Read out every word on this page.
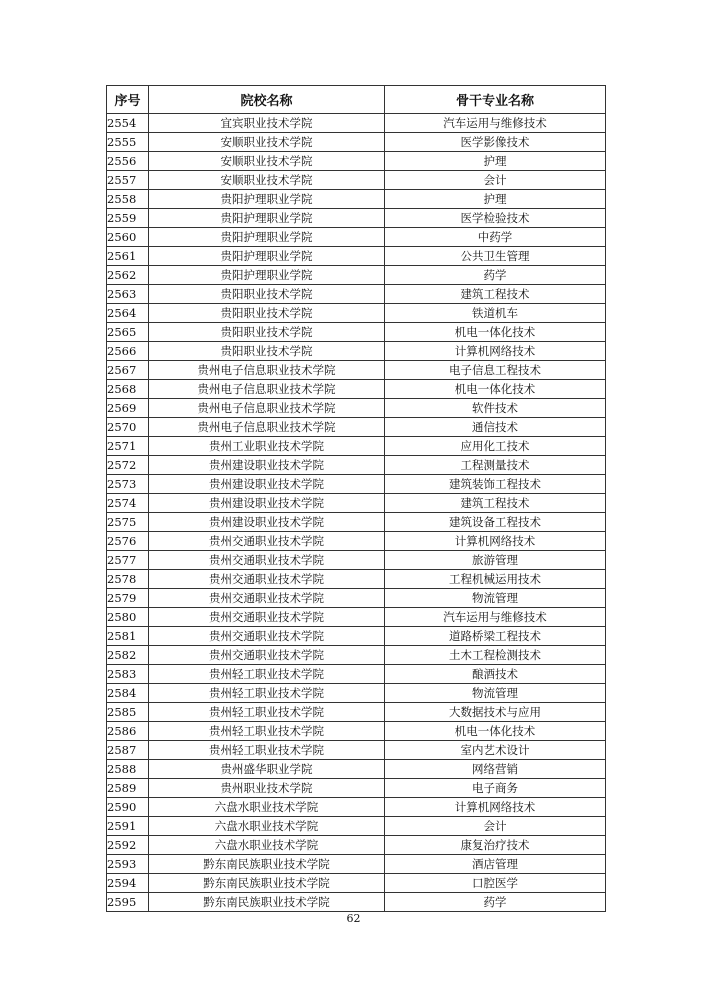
序号	院校名称	骨干专业名称
2554	宜宾职业技术学院	汽车运用与维修技术
2555	安顺职业技术学院	医学影像技术
2556	安顺职业技术学院	护理
2557	安顺职业技术学院	会计
2558	贵阳护理职业学院	护理
2559	贵阳护理职业学院	医学检验技术
2560	贵阳护理职业学院	中药学
2561	贵阳护理职业学院	公共卫生管理
2562	贵阳护理职业学院	药学
2563	贵阳职业技术学院	建筑工程技术
2564	贵阳职业技术学院	铁道机车
2565	贵阳职业技术学院	机电一体化技术
2566	贵阳职业技术学院	计算机网络技术
2567	贵州电子信息职业技术学院	电子信息工程技术
2568	贵州电子信息职业技术学院	机电一体化技术
2569	贵州电子信息职业技术学院	软件技术
2570	贵州电子信息职业技术学院	通信技术
2571	贵州工业职业技术学院	应用化工技术
2572	贵州建设职业技术学院	工程测量技术
2573	贵州建设职业技术学院	建筑装饰工程技术
2574	贵州建设职业技术学院	建筑工程技术
2575	贵州建设职业技术学院	建筑设备工程技术
2576	贵州交通职业技术学院	计算机网络技术
2577	贵州交通职业技术学院	旅游管理
2578	贵州交通职业技术学院	工程机械运用技术
2579	贵州交通职业技术学院	物流管理
2580	贵州交通职业技术学院	汽车运用与维修技术
2581	贵州交通职业技术学院	道路桥梁工程技术
2582	贵州交通职业技术学院	土木工程检测技术
2583	贵州轻工职业技术学院	酿酒技术
2584	贵州轻工职业技术学院	物流管理
2585	贵州轻工职业技术学院	大数据技术与应用
2586	贵州轻工职业技术学院	机电一体化技术
2587	贵州轻工职业技术学院	室内艺术设计
2588	贵州盛华职业学院	网络营销
2589	贵州职业技术学院	电子商务
2590	六盘水职业技术学院	计算机网络技术
2591	六盘水职业技术学院	会计
2592	六盘水职业技术学院	康复治疗技术
2593	黔东南民族职业技术学院	酒店管理
2594	黔东南民族职业技术学院	口腔医学
2595	黔东南民族职业技术学院	药学
62
